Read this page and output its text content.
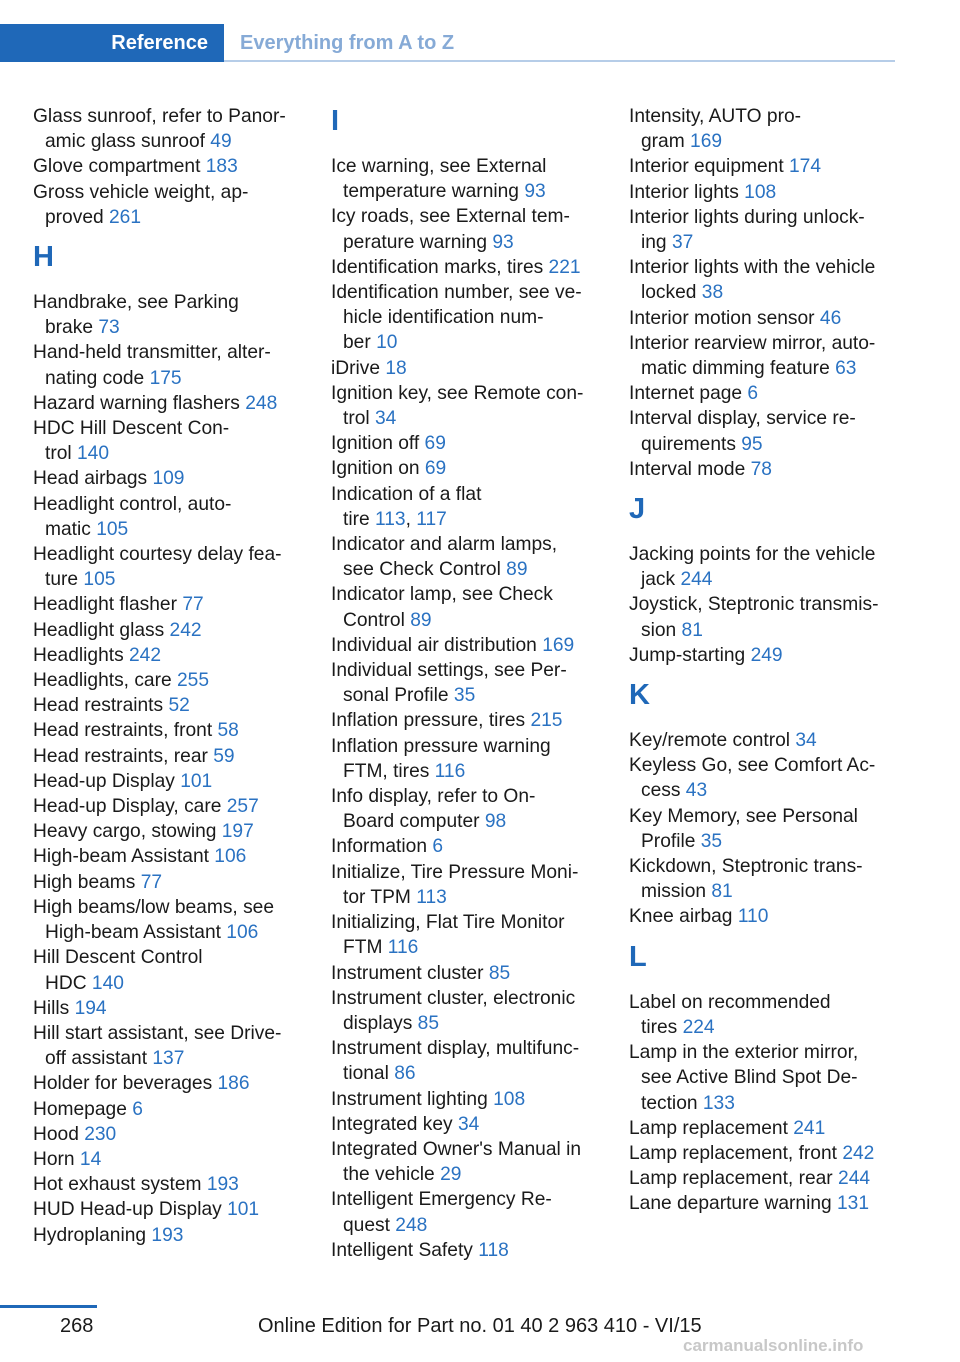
Reference	Everything from A to Z
Glass sunroof, refer to Panor-
amic glass sunroof 49
Glove compartment 183
Gross vehicle weight, ap-
proved 261
H
Handbrake, see Parking
brake 73
Hand-held transmitter, alter-
nating code 175
Hazard warning flashers 248
HDC Hill Descent Con-
trol 140
Head airbags 109
Headlight control, auto-
matic 105
Headlight courtesy delay fea-
ture 105
Headlight flasher 77
Headlight glass 242
Headlights 242
Headlights, care 255
Head restraints 52
Head restraints, front 58
Head restraints, rear 59
Head-up Display 101
Head-up Display, care 257
Heavy cargo, stowing 197
High-beam Assistant 106
High beams 77
High beams/low beams, see
High-beam Assistant 106
Hill Descent Control
HDC 140
Hills 194
Hill start assistant, see Drive-
off assistant 137
Holder for beverages 186
Homepage 6
Hood 230
Horn 14
Hot exhaust system 193
HUD Head-up Display 101
Hydroplaning 193
I
Ice warning, see External
temperature warning 93
Icy roads, see External tem-
perature warning 93
Identification marks, tires 221
Identification number, see ve-
hicle identification num-
ber 10
iDrive 18
Ignition key, see Remote con-
trol 34
Ignition off 69
Ignition on 69
Indication of a flat
tire 113, 117
Indicator and alarm lamps,
see Check Control 89
Indicator lamp, see Check
Control 89
Individual air distribution 169
Individual settings, see Per-
sonal Profile 35
Inflation pressure, tires 215
Inflation pressure warning
FTM, tires 116
Info display, refer to On-
Board computer 98
Information 6
Initialize, Tire Pressure Moni-
tor TPM 113
Initializing, Flat Tire Monitor
FTM 116
Instrument cluster 85
Instrument cluster, electronic
displays 85
Instrument display, multifunc-
tional 86
Instrument lighting 108
Integrated key 34
Integrated Owner's Manual in
the vehicle 29
Intelligent Emergency Re-
quest 248
Intelligent Safety 118
Intensity, AUTO pro-
gram 169
Interior equipment 174
Interior lights 108
Interior lights during unlock-
ing 37
Interior lights with the vehicle
locked 38
Interior motion sensor 46
Interior rearview mirror, auto-
matic dimming feature 63
Internet page 6
Interval display, service re-
quirements 95
Interval mode 78
J
Jacking points for the vehicle
jack 244
Joystick, Steptronic transmis-
sion 81
Jump-starting 249
K
Key/remote control 34
Keyless Go, see Comfort Ac-
cess 43
Key Memory, see Personal
Profile 35
Kickdown, Steptronic trans-
mission 81
Knee airbag 110
L
Label on recommended
tires 224
Lamp in the exterior mirror,
see Active Blind Spot De-
tection 133
Lamp replacement 241
Lamp replacement, front 242
Lamp replacement, rear 244
Lane departure warning 131
268	Online Edition for Part no. 01 40 2 963 410 - VI/15
carmanualsonline.info
